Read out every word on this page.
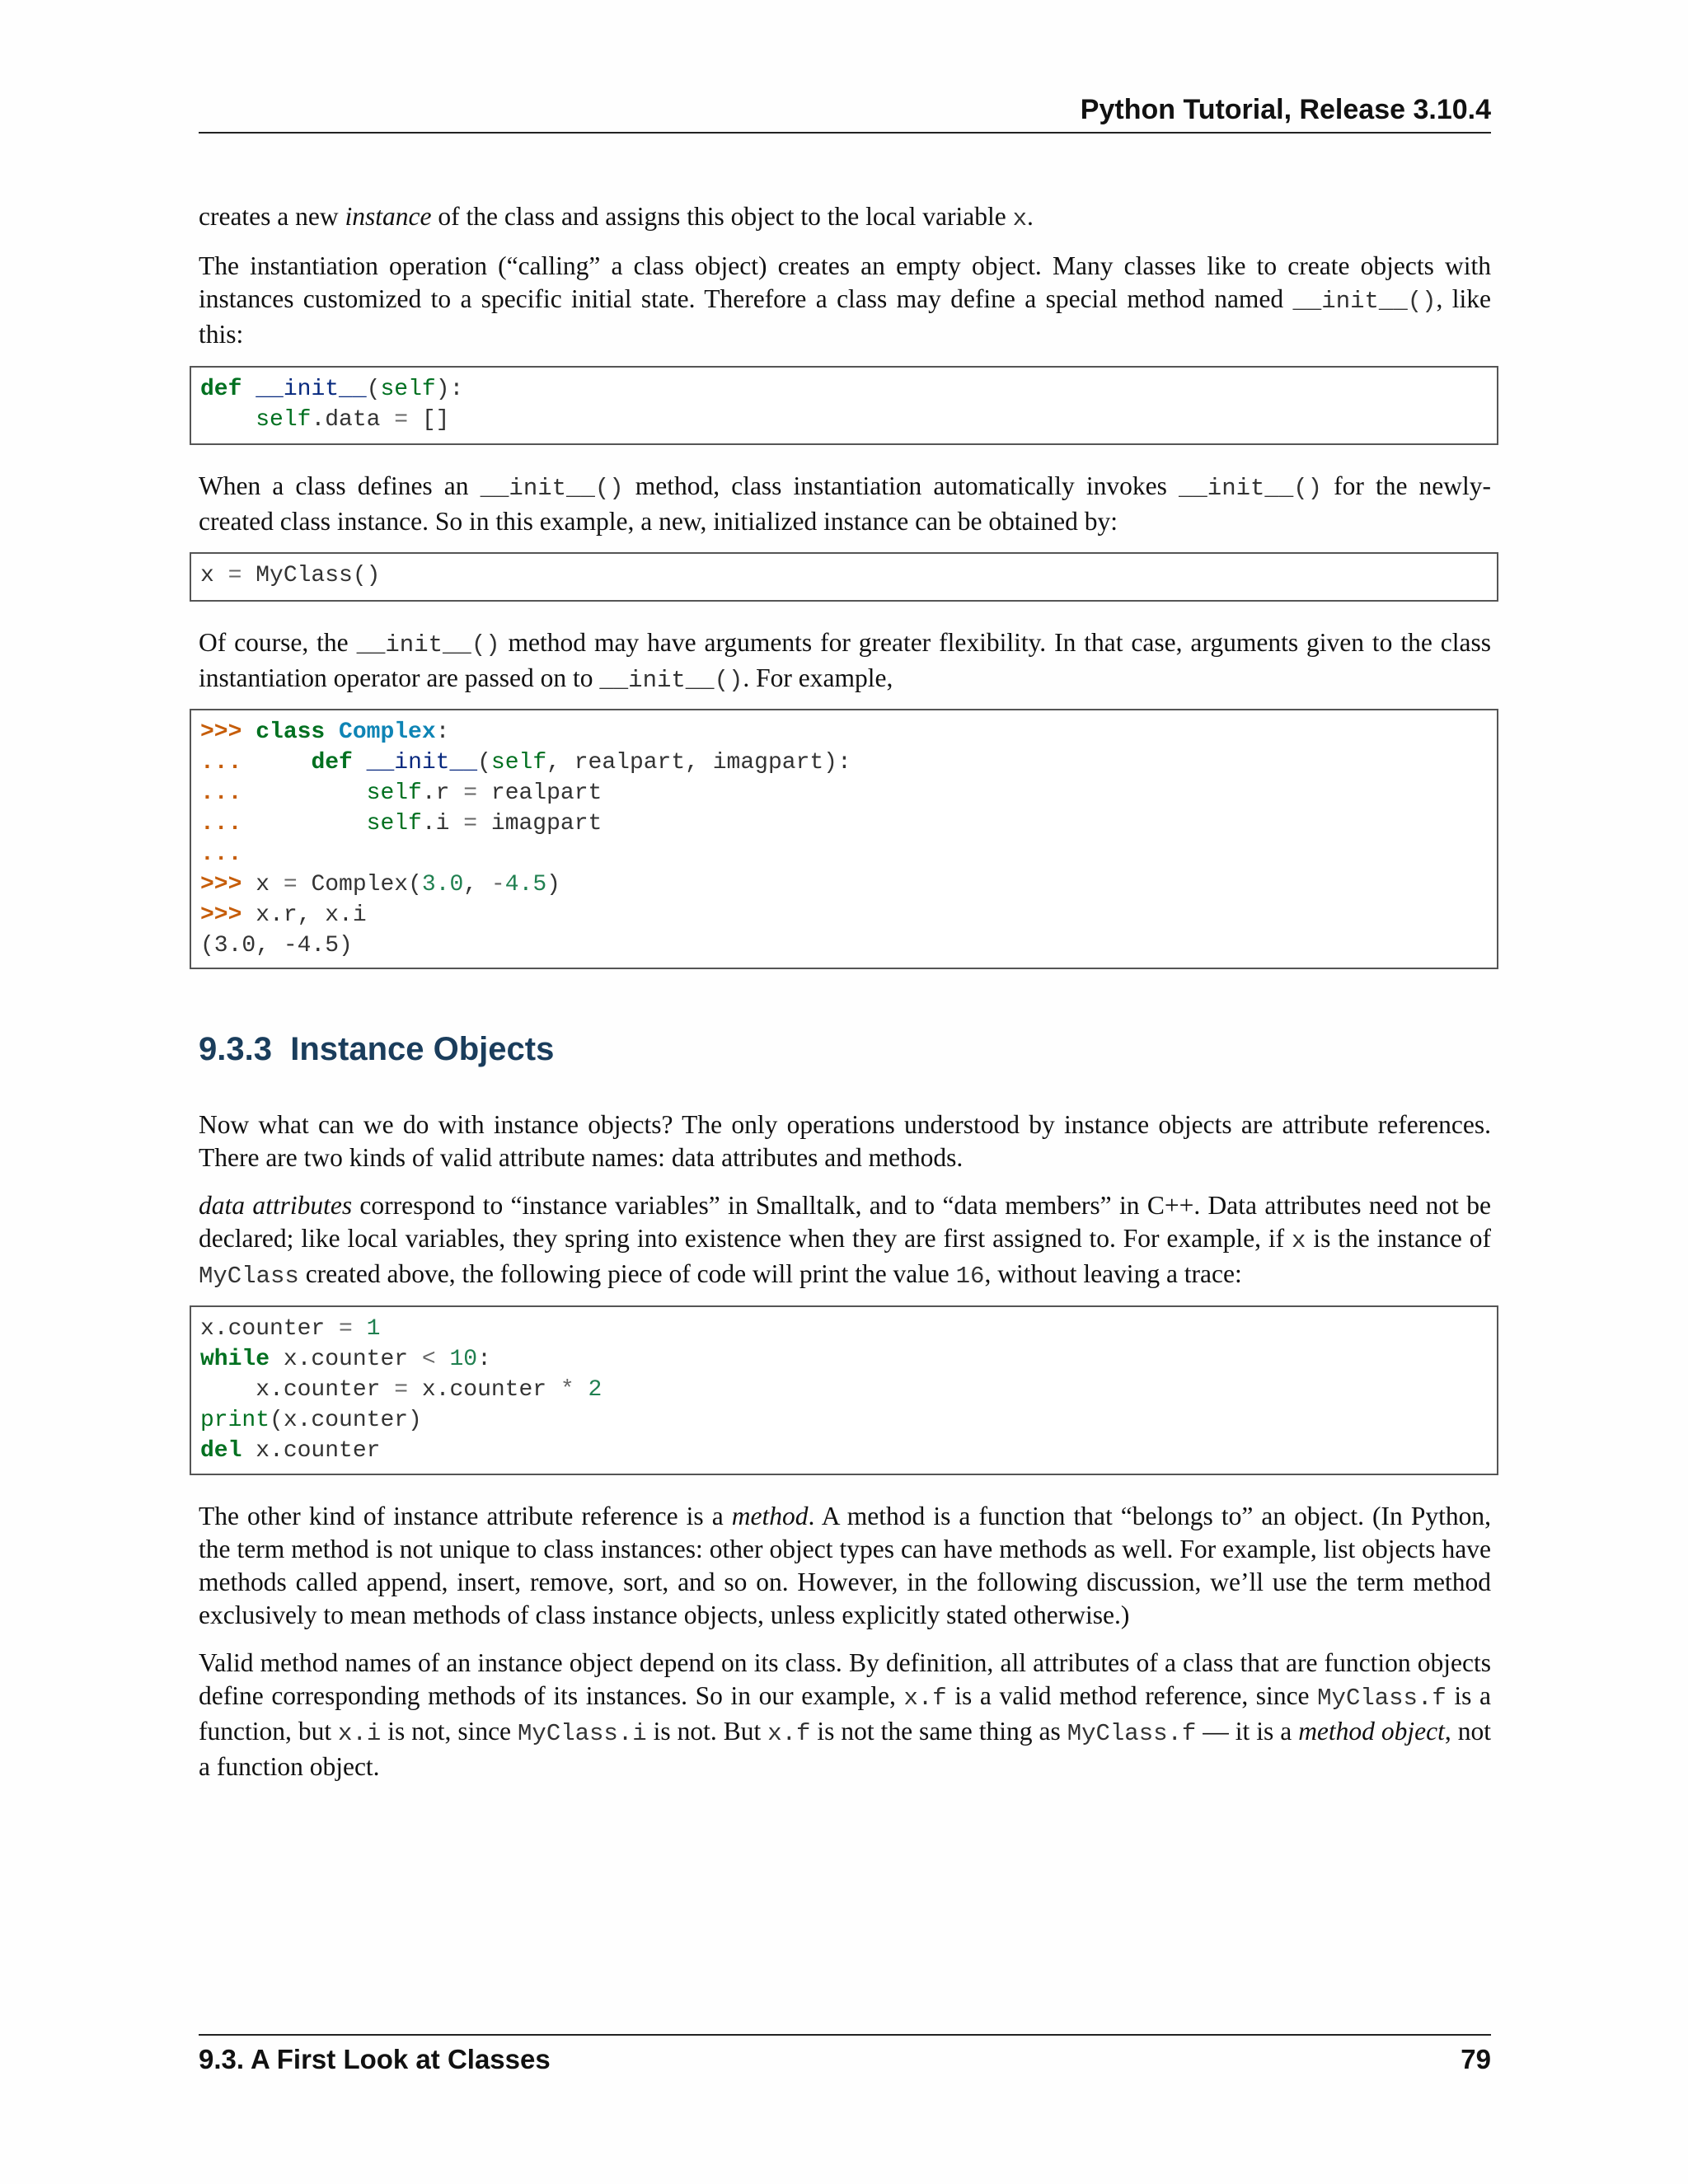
Python Tutorial, Release 3.10.4

creates a new instance of the class and assigns this object to the local variable x.

The instantiation operation (“calling” a class object) creates an empty object. Many classes like to create objects with instances customized to a specific initial state. Therefore a class may define a special method named __init__(), like this:

def __init__(self):
self.data = []

When a class defines an __init__() method, class instantiation automatically invokes __init__() for the newly-created class instance. So in this example, a new, initialized instance can be obtained by:

x = MyClass()

Of course, the __init__() method may have arguments for greater flexibility. In that case, arguments given to the class instantiation operator are passed on to __init__(). For example,

>>> class Complex:
...     def __init__(self, realpart, imagpart):
...	self.r = realpart
...	self.i = imagpart
...
>>> x = Complex(3.0, -4.5)
>>> x.r, x.i
(3.0, -4.5)
9.3.3 Instance Objects

Now what can we do with instance objects? The only operations understood by instance objects are attribute references. There are two kinds of valid attribute names: data attributes and methods.

data attributes correspond to “instance variables” in Smalltalk, and to “data members” in C++. Data attributes need not be declared; like local variables, they spring into existence when they are first assigned to. For example, if x is the instance of MyClass created above, the following piece of code will print the value 16, without leaving a trace:

x.counter = 1
while x.counter < 10:
x.counter = x.counter * 2
print(x.counter)
del x.counter

The other kind of instance attribute reference is a method. A method is a function that “belongs to” an object. (In Python, the term method is not unique to class instances: other object types can have methods as well. For example, list objects have methods called append, insert, remove, sort, and so on. However, in the following discussion, we’ll use the term method exclusively to mean methods of class instance objects, unless explicitly stated otherwise.)

Valid method names of an instance object depend on its class. By definition, all attributes of a class that are function objects define corresponding methods of its instances. So in our example, x.f is a valid method reference, since MyClass.f is a function, but x.i is not, since MyClass.i is not. But x.f is not the same thing as MyClass.f — it is a method object, not a function object.

9.3. A First Look at Classes	79
